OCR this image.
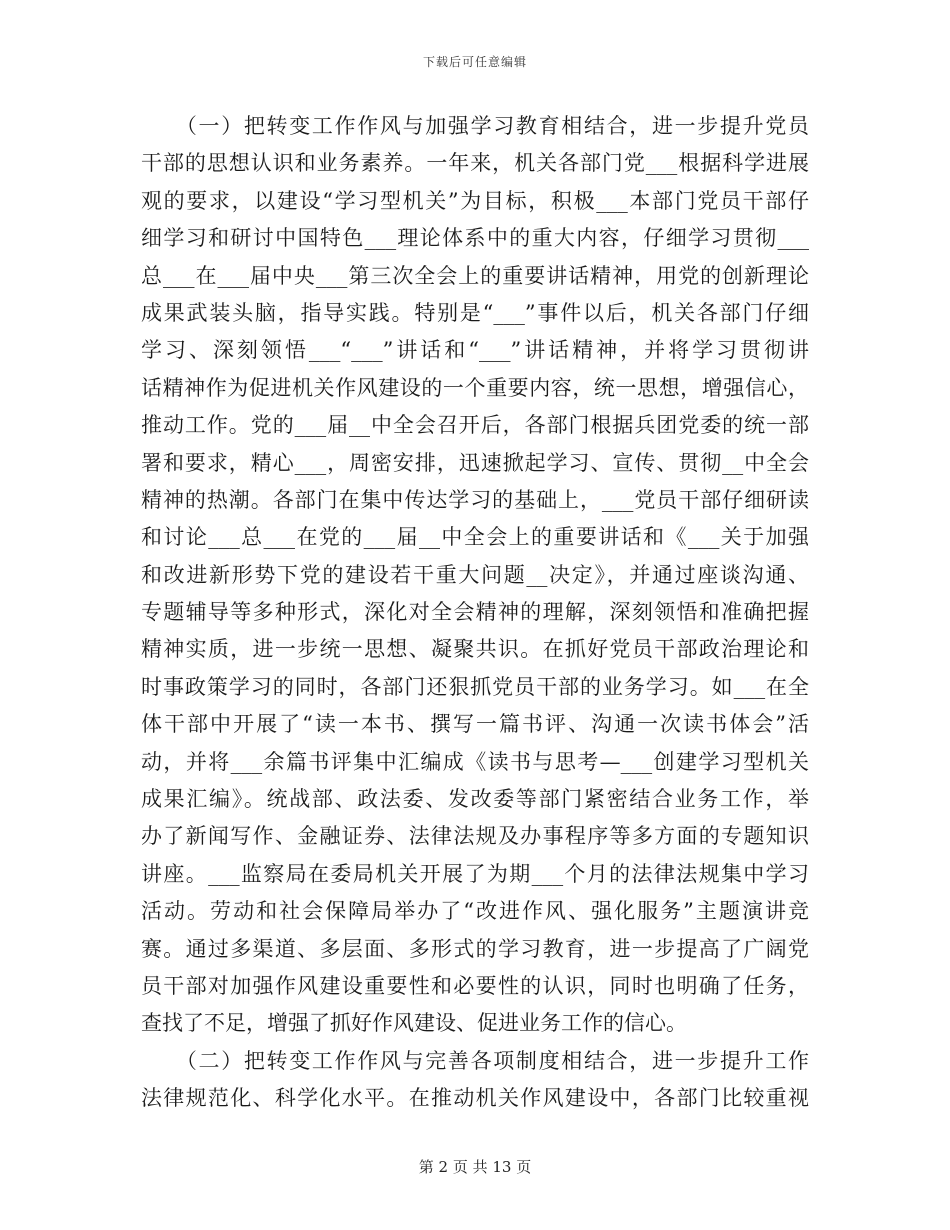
下载后可任意编辑
　　（一）把转变工作作风与加强学习教育相结合，进一步提升党员
干部的思想认识和业务素养。一年来，机关各部门党___根据科学进展
观的要求，以建设“学习型机关”为目标，积极___本部门党员干部仔
细学习和研讨中国特色___理论体系中的重大内容，仔细学习贯彻___
总___在___届中央___第三次全会上的重要讲话精神，用党的创新理论
成果武装头脑，指导实践。特别是“___”事件以后，机关各部门仔细
学习、深刻领悟___“___”讲话和“___”讲话精神，并将学习贯彻讲
话精神作为促进机关作风建设的一个重要内容，统一思想，增强信心，
推动工作。党的___届__中全会召开后，各部门根据兵团党委的统一部
署和要求，精心___，周密安排，迅速掀起学习、宣传、贯彻__中全会
精神的热潮。各部门在集中传达学习的基础上，___党员干部仔细研读
和讨论___总___在党的___届__中全会上的重要讲话和《___关于加强
和改进新形势下党的建设若干重大问题__决定》，并通过座谈沟通、
专题辅导等多种形式，深化对全会精神的理解，深刻领悟和准确把握
精神实质，进一步统一思想、凝聚共识。在抓好党员干部政治理论和
时事政策学习的同时，各部门还狠抓党员干部的业务学习。如___在全
体干部中开展了“读一本书、撰写一篇书评、沟通一次读书体会”活
动，并将___余篇书评集中汇编成《读书与思考—___创建学习型机关
成果汇编》。统战部、政法委、发改委等部门紧密结合业务工作，举
办了新闻写作、金融证券、法律法规及办事程序等多方面的专题知识
讲座。___监察局在委局机关开展了为期___个月的法律法规集中学习
活动。劳动和社会保障局举办了“改进作风、强化服务”主题演讲竞
赛。通过多渠道、多层面、多形式的学习教育，进一步提高了广阔党
员干部对加强作风建设重要性和必要性的认识，同时也明确了任务，
查找了不足，增强了抓好作风建设、促进业务工作的信心。
　　（二）把转变工作作风与完善各项制度相结合，进一步提升工作
法律规范化、科学化水平。在推动机关作风建设中，各部门比较重视
第 2 页 共 13 页
